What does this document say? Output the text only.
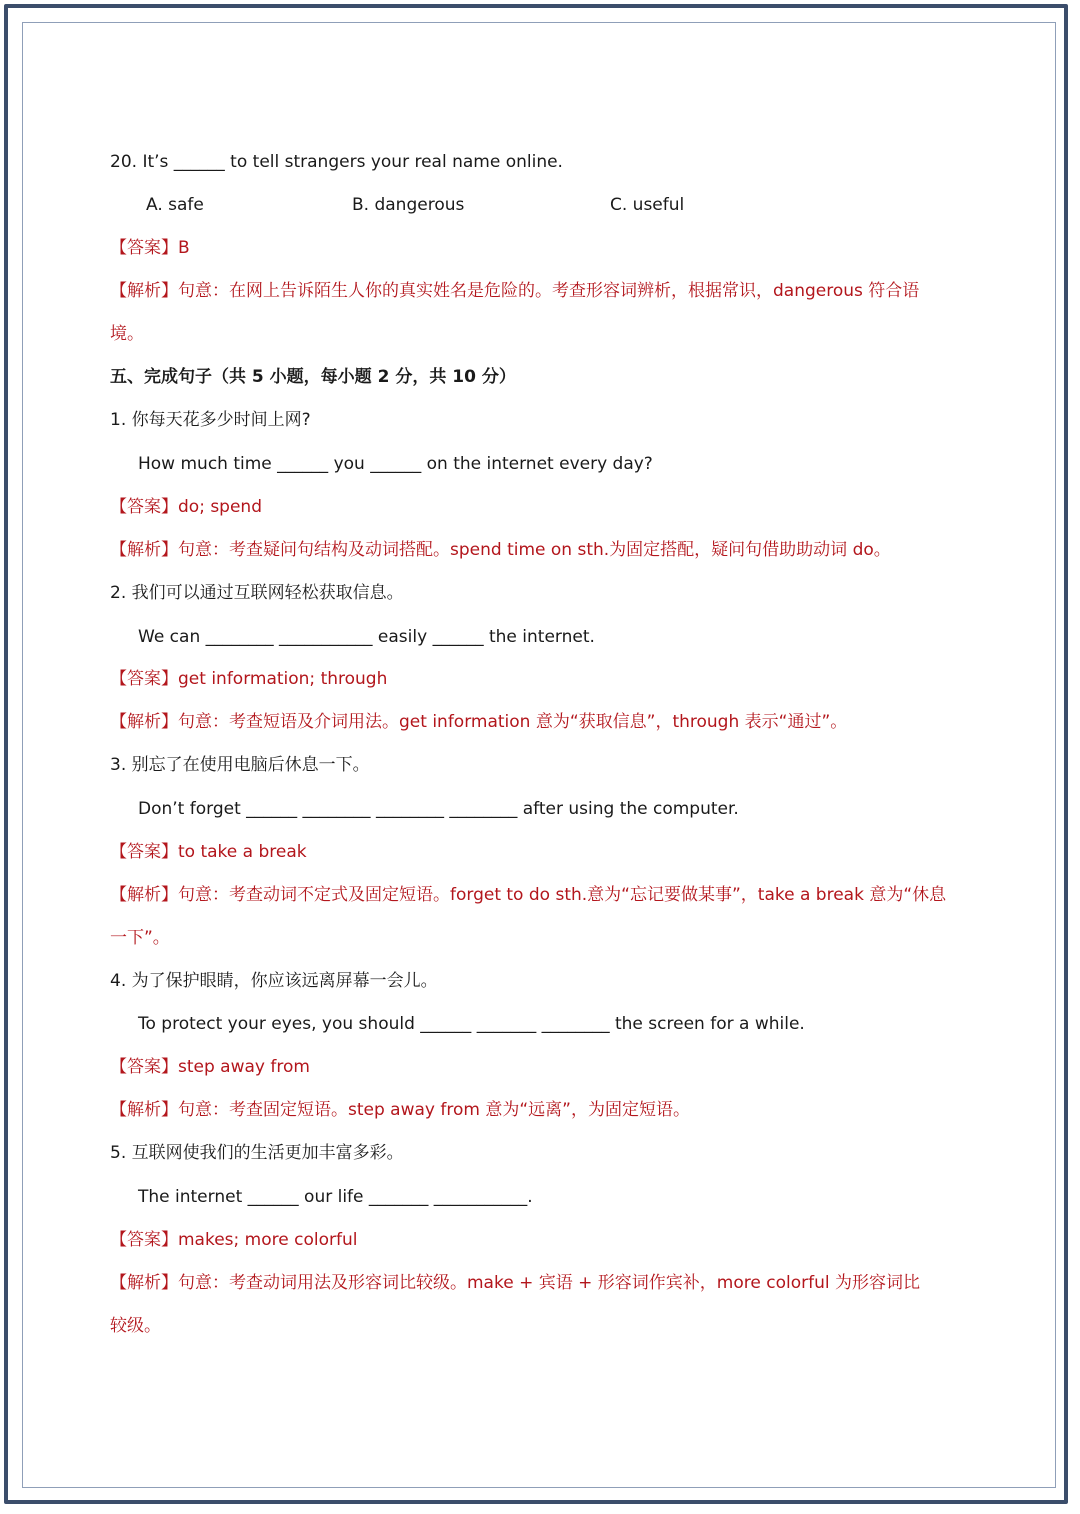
20. It’s ______ to tell strangers your real name online.
A. safe	B. dangerous	C. useful
【答案】B
【解析】句意：在网上告诉陌生人你的真实姓名是危险的。考查形容词辨析，根据常识，dangerous 符合语
境。
五、完成句子（共 5 小题，每小题 2 分，共 10 分）
1. 你每天花多少时间上网?
How much time ______ you ______ on the internet every day?
【答案】do; spend
【解析】句意：考查疑问句结构及动词搭配。spend time on sth.为固定搭配，疑问句借助助动词 do。
2. 我们可以通过互联网轻松获取信息。
We can ________ ___________ easily ______ the internet.
【答案】get information; through
【解析】句意：考查短语及介词用法。get information 意为“获取信息”，through 表示“通过”。
3. 别忘了在使用电脑后休息一下。
Don’t forget ______ ________ ________ ________ after using the computer.
【答案】to take a break
【解析】句意：考查动词不定式及固定短语。forget to do sth.意为“忘记要做某事”，take a break 意为“休息
一下”。
4. 为了保护眼睛，你应该远离屏幕一会儿。
To protect your eyes, you should ______ _______ ________ the screen for a while.
【答案】step away from
【解析】句意：考查固定短语。step away from 意为“远离”，为固定短语。
5. 互联网使我们的生活更加丰富多彩。
The internet ______ our life _______ ___________.
【答案】makes; more colorful
【解析】句意：考查动词用法及形容词比较级。make + 宾语 + 形容词作宾补，more colorful 为形容词比
较级。
